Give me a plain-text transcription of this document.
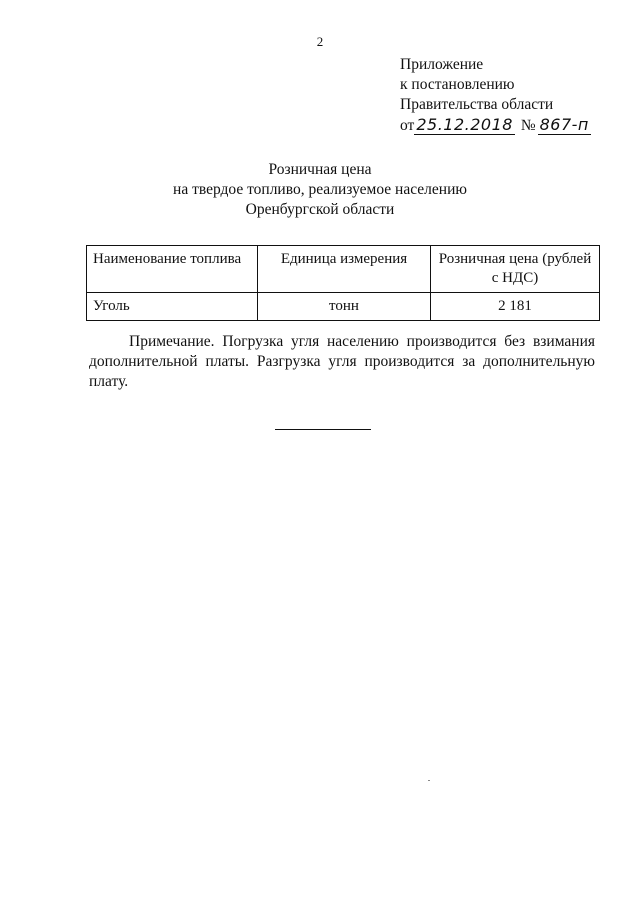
2
Приложение
к постановлению
Правительства области
от 25.12.2018 № 867-п
Розничная цена
на твердое топливо, реализуемое населению
Оренбургской области
Наименование топлива	Единица измерения	Розничная цена (рублей с НДС)
Уголь	тонн	2 181
Примечание. Погрузка угля населению производится без взимания дополнительной платы. Разгрузка угля производится за дополнительную плату.
